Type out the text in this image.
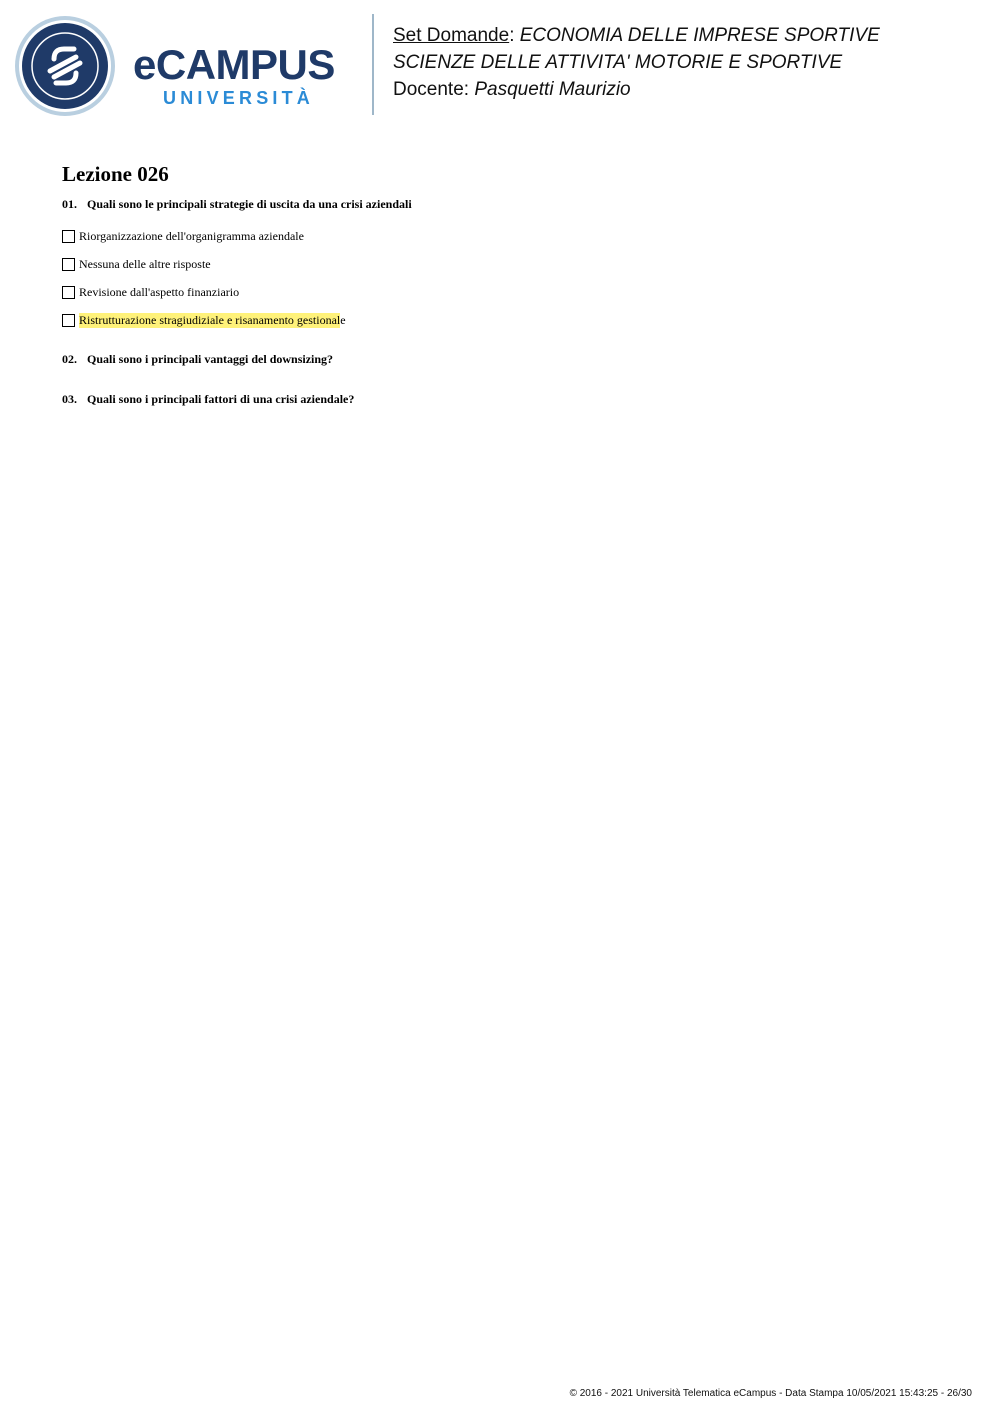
eCAMPUS
UNIVERSITÀ
Set Domande: ECONOMIA DELLE IMPRESE SPORTIVE
SCIENZE DELLE ATTIVITA' MOTORIE E SPORTIVE
Docente: Pasquetti Maurizio
Lezione 026
01. Quali sono le principali strategie di uscita da una crisi aziendali
Riorganizzazione dell'organigramma aziendale
Nessuna delle altre risposte
Revisione dall'aspetto finanziario
Ristrutturazione stragiudiziale e risanamento gestional e
02. Quali sono i principali vantaggi del downsizing?
03. Quali sono i principali fattori di una crisi aziendale?
© 2016 - 2021 Università Telematica eCampus - Data Stampa 10/05/2021 15:43:25 - 26/30
